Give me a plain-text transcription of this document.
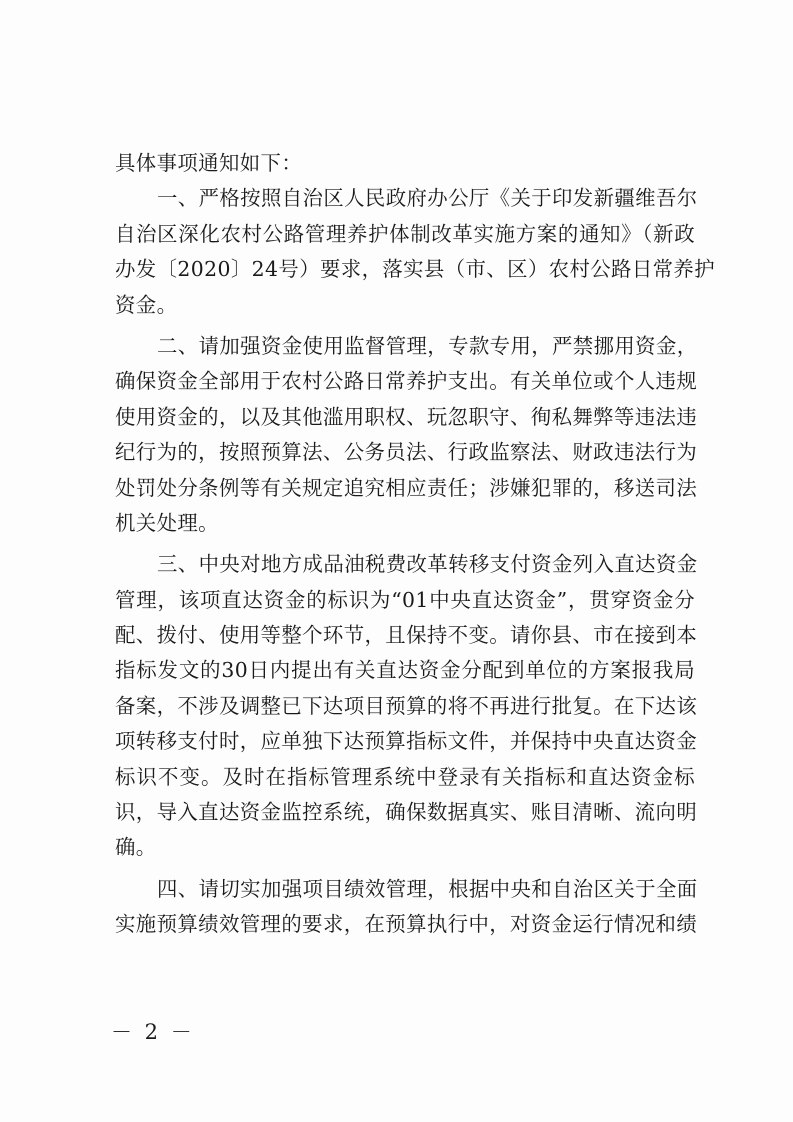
具体事项通知如下：
一、严格按照自治区人民政府办公厅《关于印发新疆维吾尔
自治区深化农村公路管理养护体制改革实施方案的通知》（新政
办发〔2020〕24号）要求，落实县（市、区）农村公路日常养护
资金。
二、请加强资金使用监督管理，专款专用，严禁挪用资金，
确保资金全部用于农村公路日常养护支出。有关单位或个人违规
使用资金的，以及其他滥用职权、玩忽职守、徇私舞弊等违法违
纪行为的，按照预算法、公务员法、行政监察法、财政违法行为
处罚处分条例等有关规定追究相应责任；涉嫌犯罪的，移送司法
机关处理。
三、中央对地方成品油税费改革转移支付资金列入直达资金
管理，该项直达资金的标识为“01中央直达资金”，贯穿资金分
配、拨付、使用等整个环节，且保持不变。请你县、市在接到本
指标发文的30日内提出有关直达资金分配到单位的方案报我局
备案，不涉及调整已下达项目预算的将不再进行批复。在下达该
项转移支付时，应单独下达预算指标文件，并保持中央直达资金
标识不变。及时在指标管理系统中登录有关指标和直达资金标
识，导入直达资金监控系统，确保数据真实、账目清晰、流向明
确。
四、请切实加强项目绩效管理，根据中央和自治区关于全面
实施预算绩效管理的要求，在预算执行中，对资金运行情况和绩
－ 2 －
